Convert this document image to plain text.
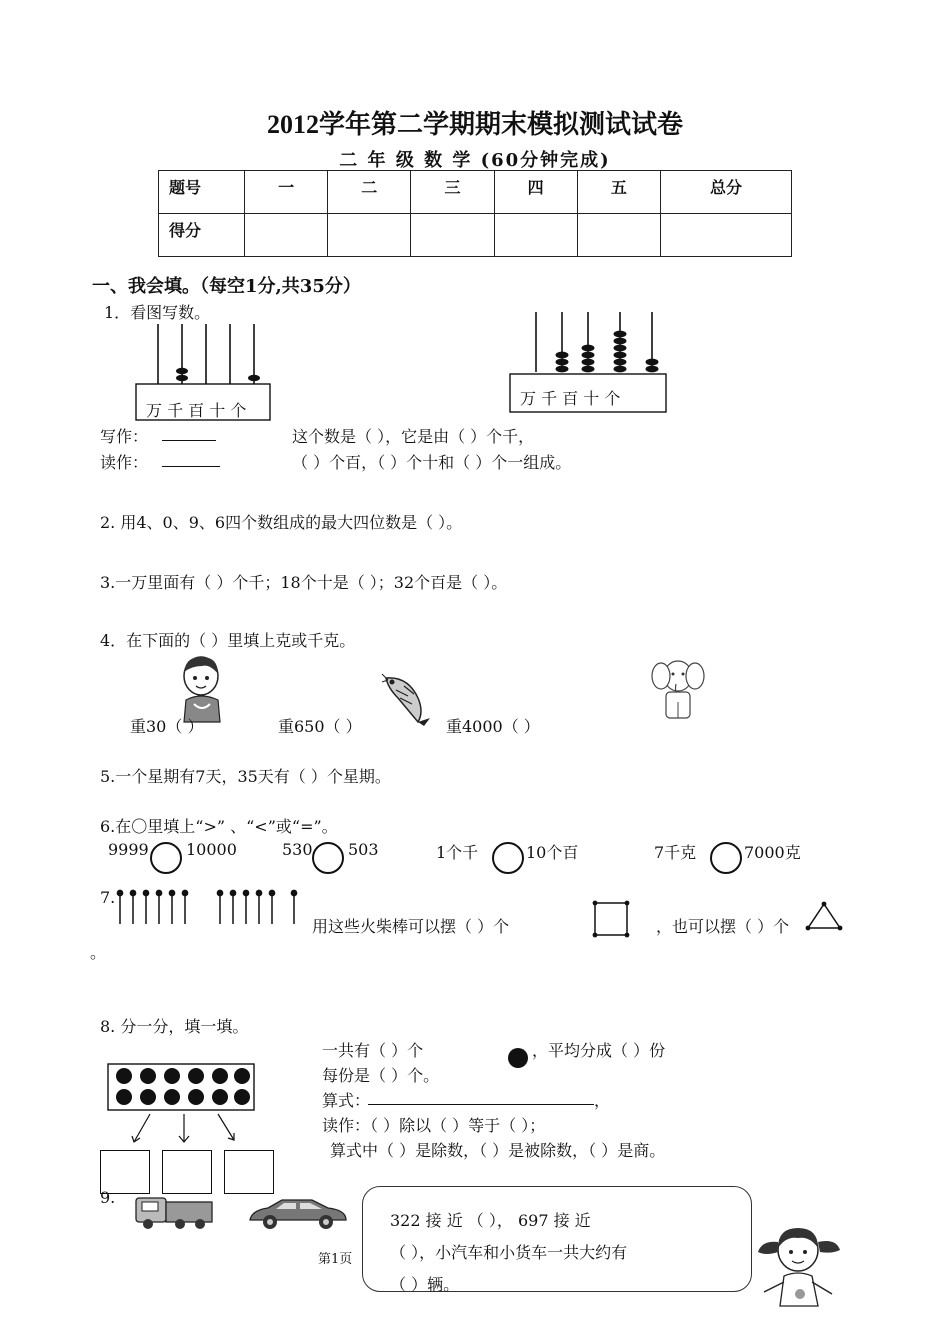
2012学年第二学期期末模拟测试试卷
二 年 级 数 学 (60分钟完成)
题号	一	二	三	四	五	总分
得分						
一、我会填。（每空1分,共35分）
1．看图写数。
万 千 百 十 个
万 千 百 十 个
写作：
读作：
这个数是（ ），它是由（ ）个千，
（ ）个百，（ ）个十和（ ）个一组成。
2. 用4、0、9、6四个数组成的最大四位数是（ ）。
3.一万里面有（ ）个千；18个十是（ ）；32个百是（ ）。
4．在下面的（ ）里填上克或千克。
重30（ ）	重650（ ）	重4000（ ）
5.一个星期有7天，35天有（ ）个星期。
6.在〇里填上“>” 、“<”或“=”。
9999 10000	530 503	1个千	10个百	7千克	7000克
7.
用这些火柴棒可以摆（ ）个	，也可以摆（ ）个
。
8. 分一分，填一填。
一共有（ ）个	，平均分成（ ）份
每份是（ ）个。
算式：	，
读作：（ ）除以（ ）等于（ ）；
算式中（ ）是除数，（ ）是被除数，（ ）是商。
9.
322 接 近 （ ）， 697 接 近
（ ），小汽车和小货车一共大约有
（ ）辆。
第1页
